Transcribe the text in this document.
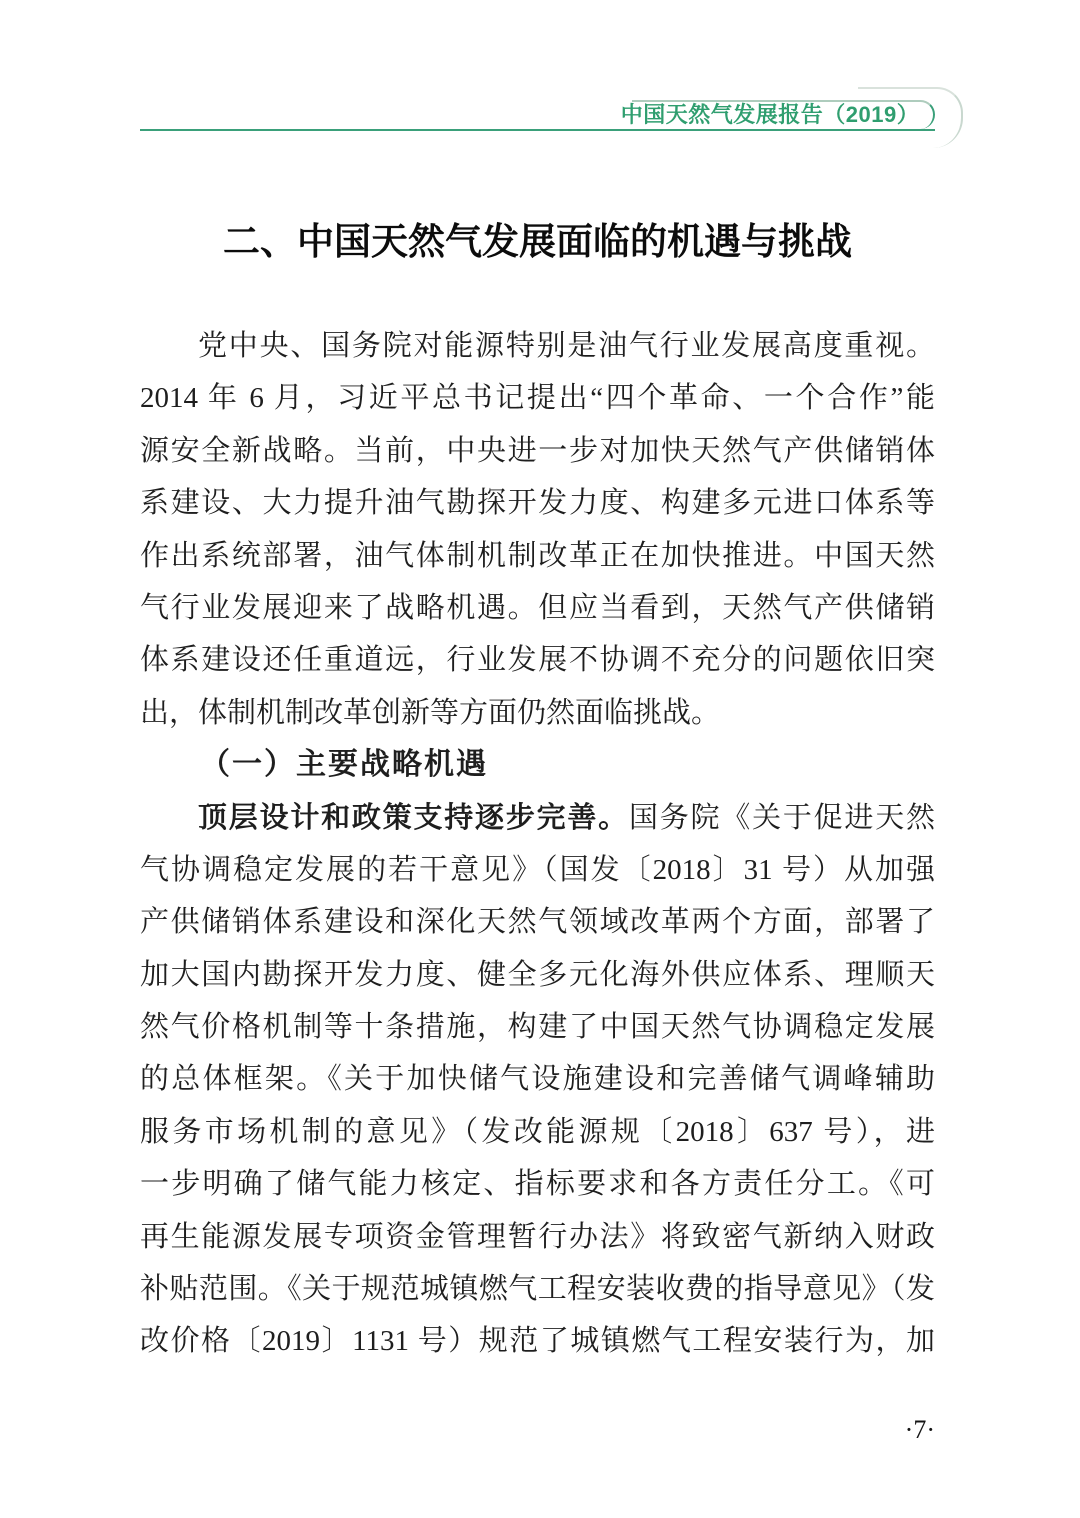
中国天然气发展报告（2019）
二、中国天然气发展面临的机遇与挑战
党中央、国务院对能源特别是油气行业发展高度重视。
2014 年 6 月，习近平总书记提出“四个革命、一个合作”能
源安全新战略。当前，中央进一步对加快天然气产供储销体
系建设、大力提升油气勘探开发力度、构建多元进口体系等
作出系统部署，油气体制机制改革正在加快推进。中国天然
气行业发展迎来了战略机遇。但应当看到，天然气产供储销
体系建设还任重道远，行业发展不协调不充分的问题依旧突
出，体制机制改革创新等方面仍然面临挑战。
（一）主要战略机遇
顶层设计和政策支持逐步完善。国务院《关于促进天然
气协调稳定发展的若干意见》（国发〔2018〕31 号）从加强
产供储销体系建设和深化天然气领域改革两个方面，部署了
加大国内勘探开发力度、健全多元化海外供应体系、理顺天
然气价格机制等十条措施，构建了中国天然气协调稳定发展
的总体框架。《关于加快储气设施建设和完善储气调峰辅助
服务市场机制的意见》（发改能源规〔2018〕637 号），进
一步明确了储气能力核定、指标要求和各方责任分工。《可
再生能源发展专项资金管理暂行办法》将致密气新纳入财政
补贴范围。《关于规范城镇燃气工程安装收费的指导意见》（发
改价格〔2019〕1131 号）规范了城镇燃气工程安装行为，加
·7·
